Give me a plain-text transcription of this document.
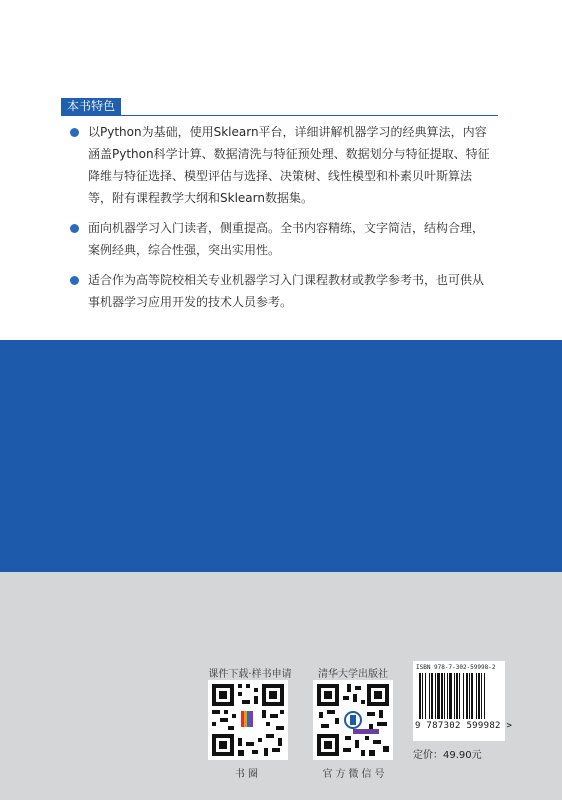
本书特色
以Python为基础，使用Sklearn平台，详细讲解机器学习的经典算法，内容涵盖Python科学计算、数据清洗与特征预处理、数据划分与特征提取、特征降维与特征选择、模型评估与选择、决策树、线性模型和朴素贝叶斯算法等，附有课程教学大纲和Sklearn数据集。
面向机器学习入门读者，侧重提高。全书内容精练，文字简洁，结构合理，案例经典，综合性强，突出实用性。
适合作为高等院校相关专业机器学习入门课程教材或教学参考书，也可供从事机器学习应用开发的技术人员参考。
课件下载·样书申请
书圈
清华大学出版社
官方微信号
ISBN 978-7-302-59998-2
9 787302 599982 >
定价：49.90元
